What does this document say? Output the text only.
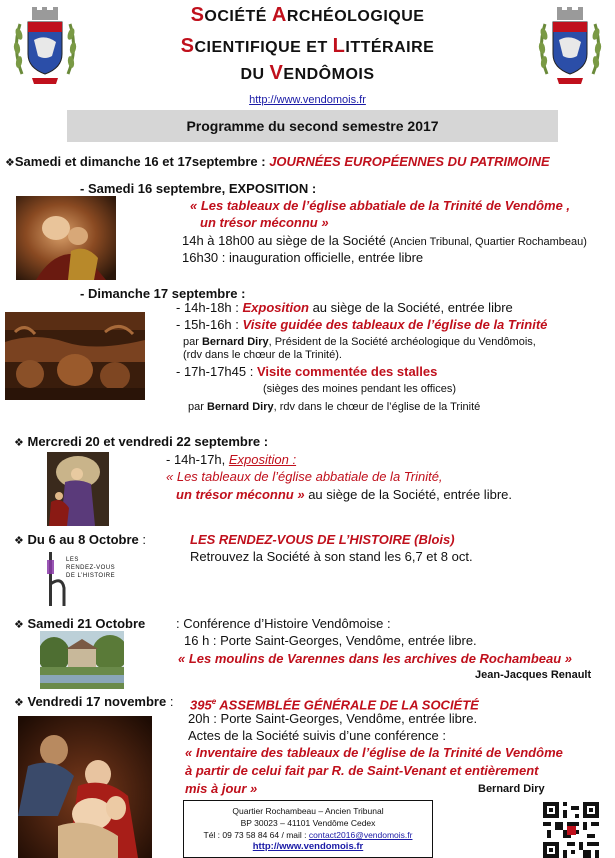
SOCIÉTÉ ARCHÉOLOGIQUE
SCIENTIFIQUE ET LITTÉRAIRE
DU VENDÔMOIS
http://www.vendomois.fr
Programme du second semestre 2017
❖Samedi et dimanche 16 et 17septembre : JOURNÉES EUROPÉENNES DU PATRIMOINE
- Samedi 16 septembre, EXPOSITION :
« Les tableaux de l’église abbatiale de la Trinité de Vendôme ,
un trésor méconnu »
14h à 18h00 au siège de la Société (Ancien Tribunal, Quartier Rochambeau)
16h30 : inauguration officielle, entrée libre
- Dimanche 17 septembre :
- 14h-18h : Exposition au siège de la Société, entrée libre
- 15h-16h : Visite guidée des tableaux de l’église de la Trinité
par Bernard Diry, Président de la Société archéologique du Vendômois,
(rdv dans le chœur de la Trinité).
- 17h-17h45 : Visite commentée des stalles
(sièges des moines pendant les offices)
par Bernard Diry, rdv dans le chœur de l’église de la Trinité
❖ Mercredi 20 et vendredi 22 septembre :
- 14h-17h, Exposition :
« Les tableaux de l’église abbatiale de la Trinité,
un trésor méconnu » au siège de la Société, entrée libre.
❖ Du 6 au 8 Octobre :	LES RENDEZ-VOUS DE L’HISTOIRE (Blois)
Retrouvez la Société à son stand les 6,7 et 8 oct.
LES
RENDEZ-VOUS
DE L’HISTOIRE
❖ Samedi 21 Octobre : Conférence d’Histoire Vendômoise :
16 h : Porte Saint-Georges, Vendôme, entrée libre.
« Les moulins de Varennes dans les archives de Rochambeau »
Jean-Jacques Renault
❖ Vendredi 17 novembre : 395e ASSEMBLÉE GÉNÉRALE DE LA SOCIÉTÉ
20h : Porte Saint-Georges, Vendôme, entrée libre.
Actes de la Société suivis d’une conférence :
« Inventaire des tableaux de l’église de la Trinité de Vendôme
à partir de celui fait par R. de Saint-Venant et entièrement
mis à jour »	Bernard Diry
Quartier Rochambeau – Ancien Tribunal
BP 30023 – 41101 Vendôme Cedex
Tél : 09 73 58 84 64 / mail : contact2016@vendomois.fr
http://www.vendomois.fr
